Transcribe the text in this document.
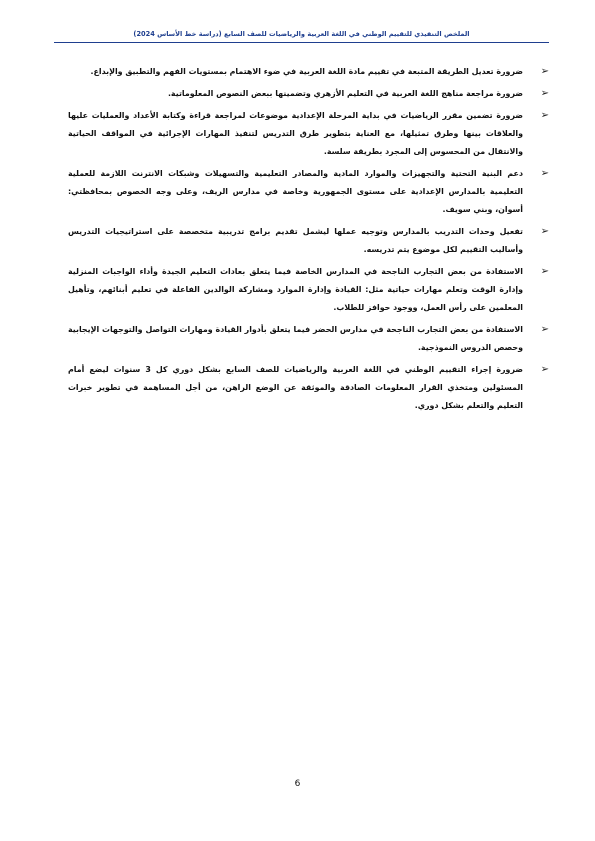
الملخص التنفيذي للتقييم الوطني في اللغة العربية والرياضيات للصف السابع (دراسة خط الأساس 2024)
➢
ضرورة تعديل الطريقة المتبعة في تقييم مادة اللغة العربية في ضوء الاهتمام بمستويات الفهم والتطبيق والإبداع.
➢
ضرورة مراجعة مناهج اللغة العربية في التعليم الأزهري وتضمينها ببعض النصوص المعلوماتية.
➢
ضرورة تضمين مقرر الرياضيات في بداية المرحلة الإعدادية موضوعات لمراجعة قراءة وكتابة الأعداد والعمليات عليها والعلاقات بينها وطرق تمثيلها، مع العناية بتطوير طرق التدريس لتنفيذ المهارات الإجرائية في المواقف الحياتية والانتقال من المحسوس إلى المجرد بطريقة سلسة.
➢
دعم البنية التحتية والتجهيزات والموارد المادية والمصادر التعليمية والتسهيلات وشبكات الانترنت اللازمة للعملية التعليمية بالمدارس الإعدادية على مستوى الجمهورية وخاصة في مدارس الريف، وعلى وجه الخصوص بمحافظتي: أسوان، وبني سويف.
➢
تفعيل وحدات التدريب بالمدارس وتوجيه عملها ليشمل تقديم برامج تدريبية متخصصة على استراتيجيات التدريس وأساليب التقييم لكل موضوع يتم تدريسه.
➢
الاستفادة من بعض التجارب الناجحة في المدارس الخاصة فيما يتعلق بعادات التعليم الجيدة وأداء الواجبات المنزلية وإدارة الوقت وتعلم مهارات حياتية مثل: القيادة وإدارة الموارد ومشاركة الوالدين الفاعلة في تعليم أبنائهم، وتأهيل المعلمين على رأس العمل، ووجود حوافز للطلاب.
➢
الاستفادة من بعض التجارب الناجحة في مدارس الحضر فيما يتعلق بأدوار القيادة ومهارات التواصل والتوجهات الإيجابية وحصص الدروس النموذجية.
➢
ضرورة إجراء التقييم الوطني في اللغة العربية والرياضيات للصف السابع بشكل دوري كل 3 سنوات ليضع أمام المسئولين ومتخذي القرار المعلومات الصادقة والموثقة عن الوضع الراهن، من أجل المساهمة في تطوير خبرات التعليم والتعلم بشكل دوري.
6
